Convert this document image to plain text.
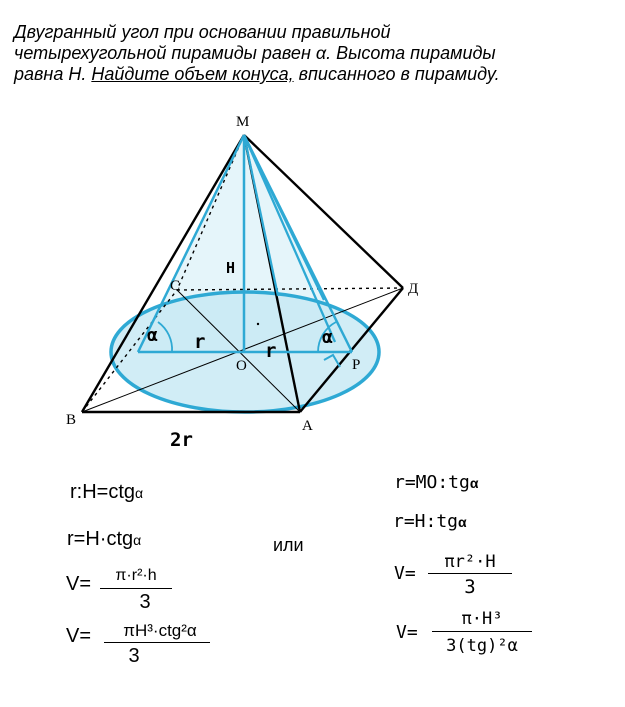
Двугранный угол при основании правильной
четырехугольной пирамиды равен α. Высота пирамиды
равна H. Найдите объем конуса, вписанного в пирамиду.
M
C	Д
O	P
B	A
H
r	r
α	α
2r
r:H=ctgα
r=H·ctgα
V=	π·r²·h
3
V=	πH³·ctg²α
3
или
r=MO:tgα
r=H:tgα
V=
πr²·H
3
V=
π·H³
3(tg)²α
